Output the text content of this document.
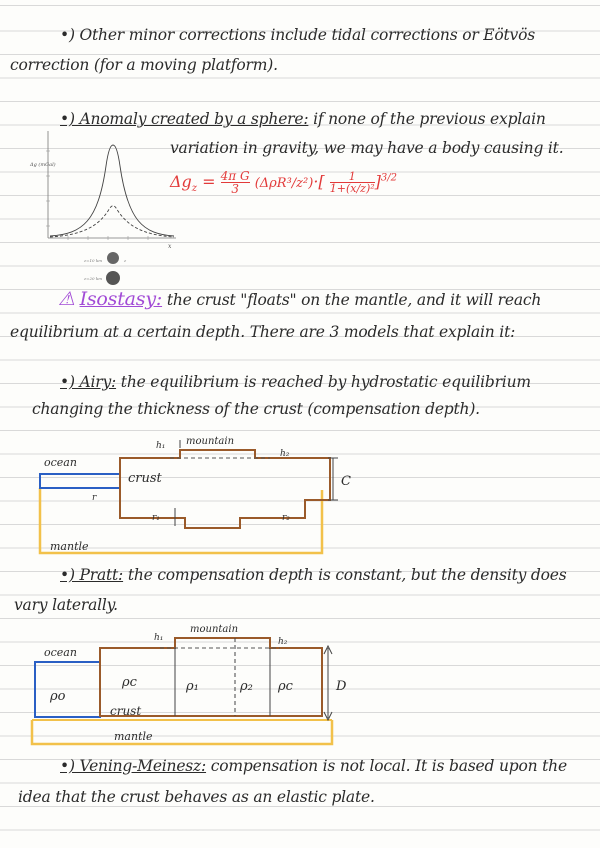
•) Other minor corrections include tidal corrections or Eötvös
correction (for a moving platform).
•) Anomaly created by a sphere: if none of the previous explain
variation in gravity, we may have a body causing it.
Δg (mGal)
x
z=10 km	z
z=20 km
$\Delta g_z = \frac{\text{4π G}}{3} (\Delta\rho R^3/z^2)\cdot[ \frac{1}{\text{1+(x/z)²}} ]^{3/2}$
⚠ Isostasy: the crust "floats" on the mantle, and it will reach
equilibrium at a certain depth. There are 3 models that explain it:
•) Airy: the equilibrium is reached by hydrostatic equilibrium
changing the thickness of the crust (compensation depth).
ocean
crust
mantle
mountain
h₁
h₂
r₁	r₂
r
C
•) Pratt: the compensation depth is constant, but the density does
vary laterally.
ocean
crust
mantle
mountain
h₁	h₂
ρc	ρ₁	ρ₂ ρc
ρo
D
•) Vening-Meinesz: compensation is not local. It is based upon the
idea that the crust behaves as an elastic plate.
